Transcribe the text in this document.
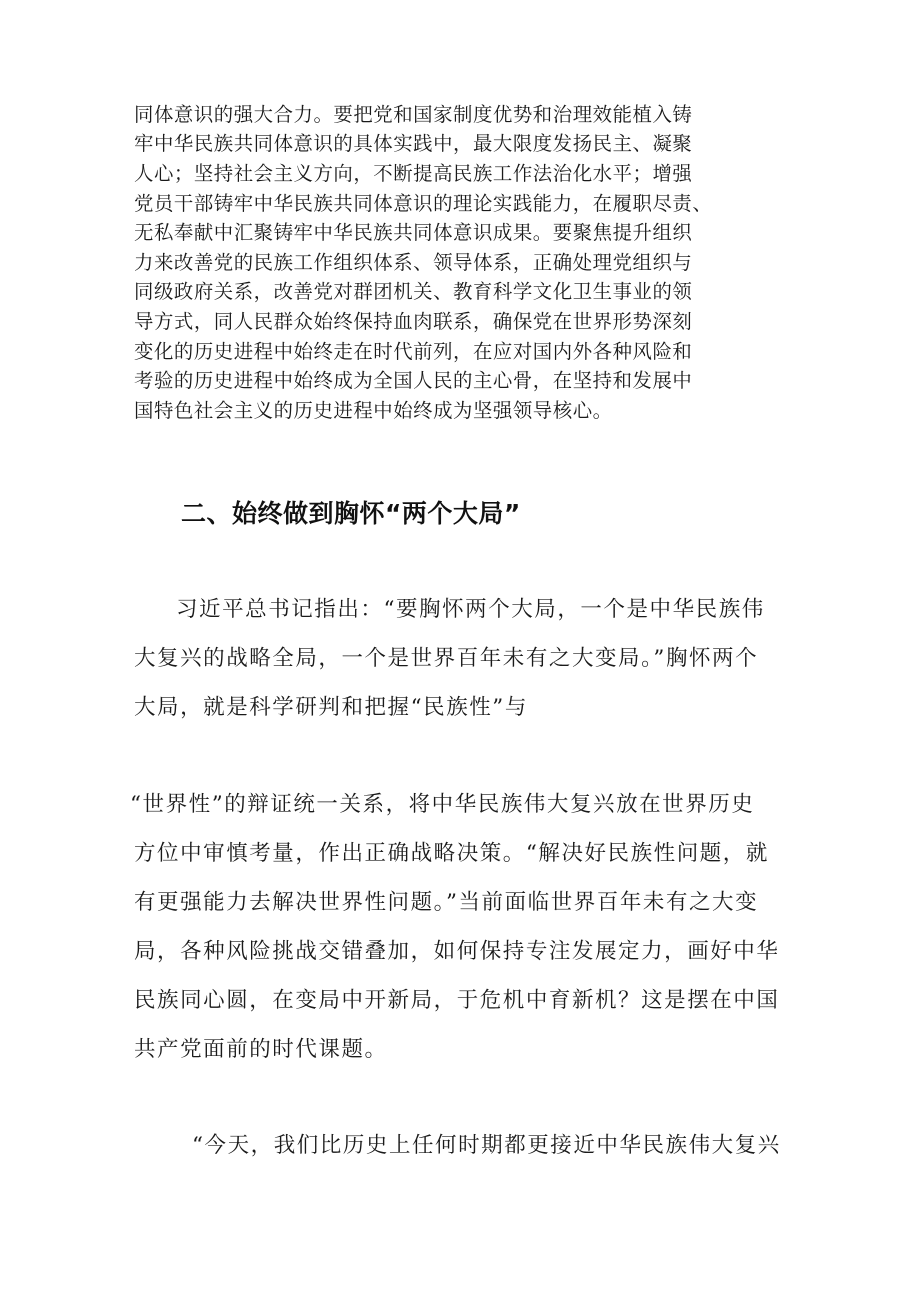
同体意识的强大合力。要把党和国家制度优势和治理效能植入铸

牢中华民族共同体意识的具体实践中，最大限度发扬民主、凝聚

人心；坚持社会主义方向，不断提高民族工作法治化水平；增强

党员干部铸牢中华民族共同体意识的理论实践能力，在履职尽责、

无私奉献中汇聚铸牢中华民族共同体意识成果。要聚焦提升组织

力来改善党的民族工作组织体系、领导体系，正确处理党组织与

同级政府关系，改善党对群团机关、教育科学文化卫生事业的领

导方式，同人民群众始终保持血肉联系，确保党在世界形势深刻

变化的历史进程中始终走在时代前列，在应对国内外各种风险和

考验的历史进程中始终成为全国人民的主心骨，在坚持和发展中

国特色社会主义的历史进程中始终成为坚强领导核心。

二、始终做到胸怀“两个大局”

习近平总书记指出：“要胸怀两个大局，一个是中华民族伟

大复兴的战略全局，一个是世界百年未有之大变局。”胸怀两个

大局，就是科学研判和把握“民族性”与

“世界性”的辩证统一关系，将中华民族伟大复兴放在世界历史

方位中审慎考量，作出正确战略决策。“解决好民族性问题，就

有更强能力去解决世界性问题。”当前面临世界百年未有之大变

局，各种风险挑战交错叠加，如何保持专注发展定力，画好中华

民族同心圆，在变局中开新局，于危机中育新机？这是摆在中国

共产党面前的时代课题。

“今天，我们比历史上任何时期都更接近中华民族伟大复兴
